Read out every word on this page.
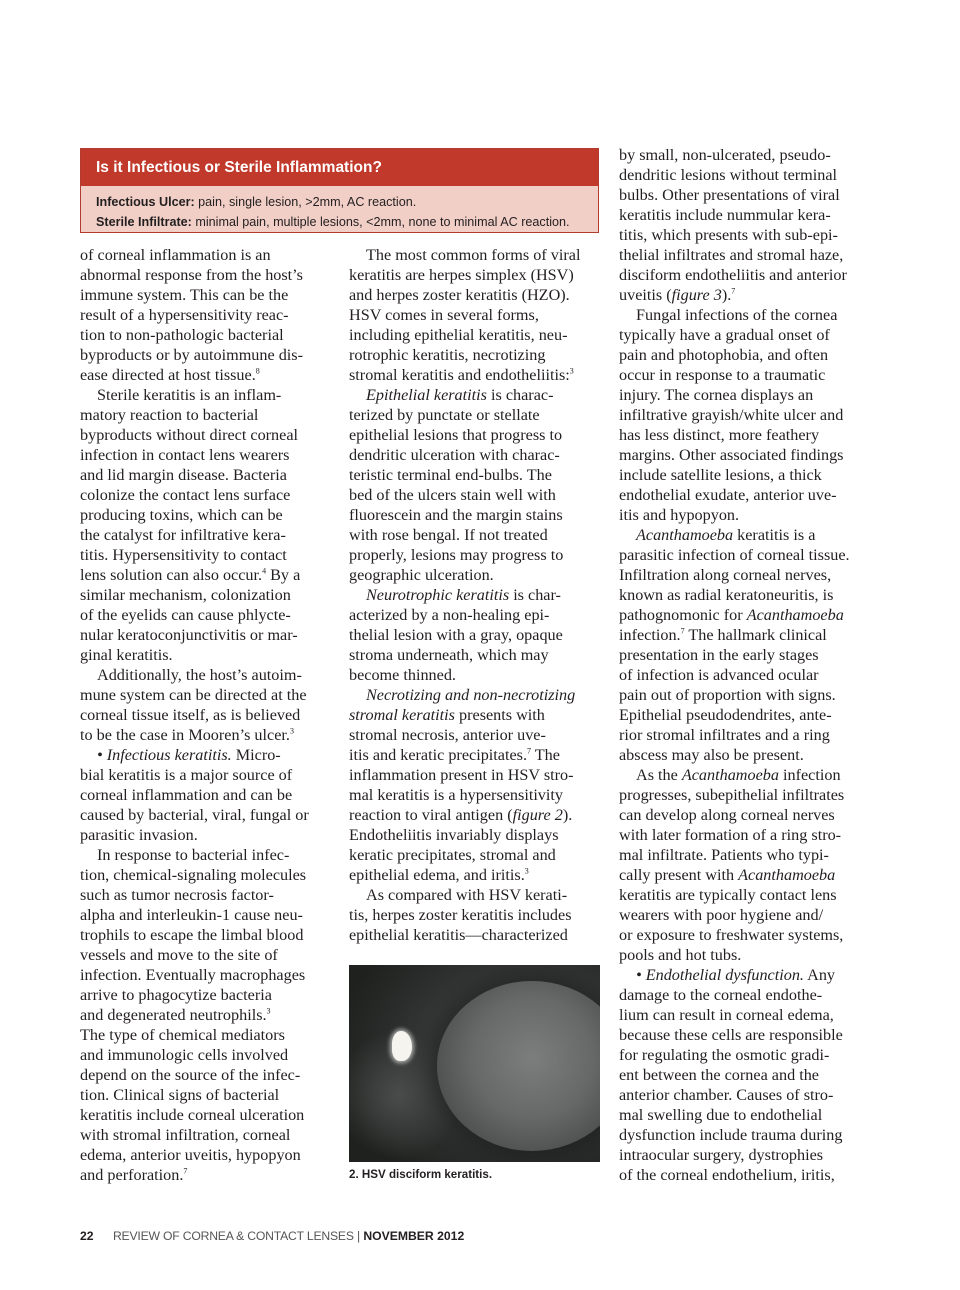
Is it Infectious or Sterile Inflammation?
Infectious Ulcer: pain, single lesion, >2mm, AC reaction.
Sterile Infiltrate: minimal pain, multiple lesions, <2mm, none to minimal AC reaction.

of corneal inflammation is an

abnormal response from the host’s

immune system. This can be the

result of a hypersensitivity reac-

tion to non-pathologic bacterial

byproducts or by autoimmune dis-

ease directed at host tissue.$^8$

Sterile keratitis is an inflam-

matory reaction to bacterial

byproducts without direct corneal

infection in contact lens wearers

and lid margin disease. Bacteria

colonize the contact lens surface

producing toxins, which can be

the catalyst for infiltrative kera-

titis. Hypersensitivity to contact

lens solution can also occur.$^4$ By a

similar mechanism, colonization

of the eyelids can cause phlycte-

nular keratoconjunctivitis or mar-

ginal keratitis.

Additionally, the host’s autoim-

mune system can be directed at the

corneal tissue itself, as is believed

to be the case in Mooren’s ulcer.$^3$

• Infectious keratitis. Micro-

bial keratitis is a major source of

corneal inflammation and can be

caused by bacterial, viral, fungal or

parasitic invasion.

In response to bacterial infec-

tion, chemical-signaling molecules

such as tumor necrosis factor-

alpha and interleukin-1 cause neu-

trophils to escape the limbal blood

vessels and move to the site of

infection. Eventually macrophages

arrive to phagocytize bacteria

and degenerated neutrophils.$^3$

The type of chemical mediators

and immunologic cells involved

depend on the source of the infec-

tion. Clinical signs of bacterial

keratitis include corneal ulceration

with stromal infiltration, corneal

edema, anterior uveitis, hypopyon

and perforation.$^7$

The most common forms of viral

keratitis are herpes simplex (HSV)

and herpes zoster keratitis (HZO).

HSV comes in several forms,

including epithelial keratitis, neu-

rotrophic keratitis, necrotizing

stromal keratitis and endotheliitis:$^3$

Epithelial keratitis is charac-

terized by punctate or stellate

epithelial lesions that progress to

dendritic ulceration with charac-

teristic terminal end-bulbs. The

bed of the ulcers stain well with

fluorescein and the margin stains

with rose bengal. If not treated

properly, lesions may progress to

geographic ulceration.

Neurotrophic keratitis is char-

acterized by a non-healing epi-

thelial lesion with a gray, opaque

stroma underneath, which may

become thinned.

Necrotizing and non-necrotizing

stromal keratitis presents with

stromal necrosis, anterior uve-

itis and keratic precipitates.$^7$ The

inflammation present in HSV stro-

mal keratitis is a hypersensitivity

reaction to viral antigen (figure 2).

Endotheliitis invariably displays

keratic precipitates, stromal and

epithelial edema, and iritis.$^3$

As compared with HSV kerati-

tis, herpes zoster keratitis includes

epithelial keratitis—characterized

by small, non-ulcerated, pseudo-

dendritic lesions without terminal

bulbs. Other presentations of viral

keratitis include nummular kera-

titis, which presents with sub-epi-

thelial infiltrates and stromal haze,

disciform endotheliitis and anterior

uveitis (figure 3).$^7$

Fungal infections of the cornea

typically have a gradual onset of

pain and photophobia, and often

occur in response to a traumatic

injury. The cornea displays an

infiltrative grayish/white ulcer and

has less distinct, more feathery

margins. Other associated findings

include satellite lesions, a thick

endothelial exudate, anterior uve-

itis and hypopyon.

Acanthamoeba keratitis is a

parasitic infection of corneal tissue.

Infiltration along corneal nerves,

known as radial keratoneuritis, is

pathognomonic for Acanthamoeba

infection.$^7$ The hallmark clinical

presentation in the early stages

of infection is advanced ocular

pain out of proportion with signs.

Epithelial pseudodendrites, ante-

rior stromal infiltrates and a ring

abscess may also be present.

As the Acanthamoeba infection

progresses, subepithelial infiltrates

can develop along corneal nerves

with later formation of a ring stro-

mal infiltrate. Patients who typi-

cally present with Acanthamoeba

keratitis are typically contact lens

wearers with poor hygiene and/

or exposure to freshwater systems,

pools and hot tubs.

• Endothelial dysfunction. Any

damage to the corneal endothe-

lium can result in corneal edema,

because these cells are responsible

for regulating the osmotic gradi-

ent between the cornea and the

anterior chamber. Causes of stro-

mal swelling due to endothelial

dysfunction include trauma during

intraocular surgery, dystrophies

of the corneal endothelium, iritis,

2. HSV disciform keratitis.
22 REVIEW OF CORNEA & CONTACT LENSES | NOVEMBER 2012
